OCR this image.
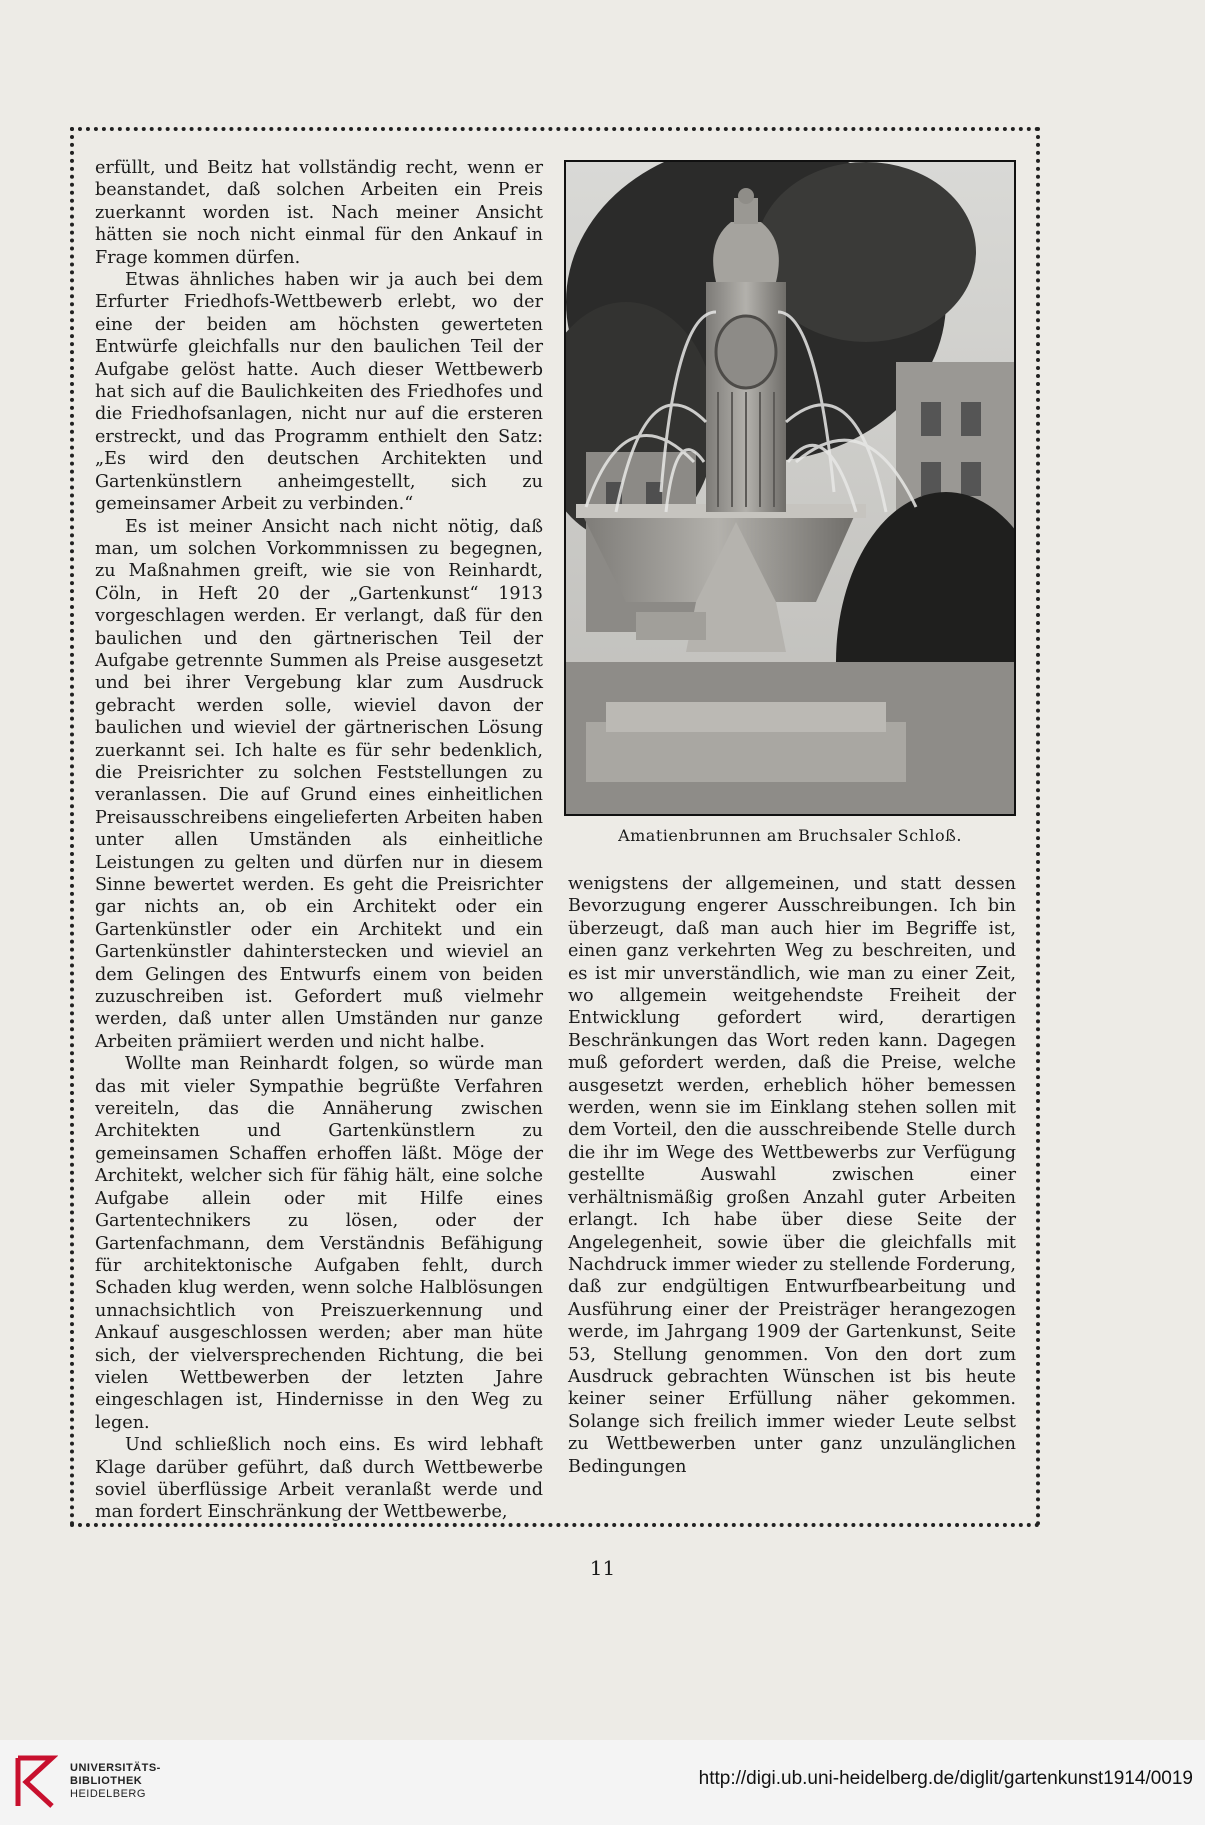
erfüllt, und Beitz hat vollständig recht, wenn er beanstandet, daß solchen Arbeiten ein Preis zuerkannt worden ist. Nach meiner Ansicht hätten sie noch nicht einmal für den Ankauf in Frage kommen dürfen.

Etwas ähnliches haben wir ja auch bei dem Erfurter Friedhofs-Wettbewerb erlebt, wo der eine der beiden am höchsten gewerteten Entwürfe gleichfalls nur den baulichen Teil der Aufgabe gelöst hatte. Auch dieser Wettbewerb hat sich auf die Baulichkeiten des Friedhofes und die Friedhofsanlagen, nicht nur auf die ersteren erstreckt, und das Programm enthielt den Satz: „Es wird den deutschen Architekten und Gartenkünstlern anheimgestellt, sich zu gemeinsamer Arbeit zu verbinden.“

Es ist meiner Ansicht nach nicht nötig, daß man, um solchen Vorkommnissen zu begegnen, zu Maßnahmen greift, wie sie von Reinhardt, Cöln, in Heft 20 der „Gartenkunst“ 1913 vorgeschlagen werden. Er verlangt, daß für den baulichen und den gärtnerischen Teil der Aufgabe getrennte Summen als Preise ausgesetzt und bei ihrer Vergebung klar zum Ausdruck gebracht werden solle, wieviel davon der baulichen und wieviel der gärtnerischen Lösung zuerkannt sei. Ich halte es für sehr bedenklich, die Preisrichter zu solchen Feststellungen zu veranlassen. Die auf Grund eines einheitlichen Preisausschreibens eingelieferten Arbeiten haben unter allen Umständen als einheitliche Leistungen zu gelten und dürfen nur in diesem Sinne bewertet werden. Es geht die Preisrichter gar nichts an, ob ein Architekt oder ein Gartenkünstler oder ein Architekt und ein Gartenkünstler dahinterstecken und wieviel an dem Gelingen des Entwurfs einem von beiden zuzuschreiben ist. Gefordert muß vielmehr werden, daß unter allen Umständen nur ganze Arbeiten prämiiert werden und nicht halbe.

Wollte man Reinhardt folgen, so würde man das mit vieler Sympathie begrüßte Verfahren vereiteln, das die Annäherung zwischen Architekten und Gartenkünstlern zu gemeinsamen Schaffen erhoffen läßt. Möge der Architekt, welcher sich für fähig hält, eine solche Aufgabe allein oder mit Hilfe eines Gartentechnikers zu lösen, oder der Gartenfachmann, dem Verständnis Befähigung für architektonische Aufgaben fehlt, durch Schaden klug werden, wenn solche Halblösungen unnachsichtlich von Preiszuerkennung und Ankauf ausgeschlossen werden; aber man hüte sich, der vielversprechenden Richtung, die bei vielen Wettbewerben der letzten Jahre eingeschlagen ist, Hindernisse in den Weg zu legen.

Und schließlich noch eins. Es wird lebhaft Klage darüber geführt, daß durch Wettbewerbe soviel überflüssige Arbeit veranlaßt werde und man fordert Einschränkung der Wettbewerbe,

Amatienbrunnen am Bruchsaler Schloß.

wenigstens der allgemeinen, und statt dessen Bevorzugung engerer Ausschreibungen. Ich bin überzeugt, daß man auch hier im Begriffe ist, einen ganz verkehrten Weg zu beschreiten, und es ist mir unverständlich, wie man zu einer Zeit, wo allgemein weitgehendste Freiheit der Entwicklung gefordert wird, derartigen Beschränkungen das Wort reden kann. Dagegen muß gefordert werden, daß die Preise, welche ausgesetzt werden, erheblich höher bemessen werden, wenn sie im Einklang stehen sollen mit dem Vorteil, den die ausschreibende Stelle durch die ihr im Wege des Wettbewerbs zur Verfügung gestellte Auswahl zwischen einer verhältnismäßig großen Anzahl guter Arbeiten erlangt. Ich habe über diese Seite der Angelegenheit, sowie über die gleichfalls mit Nachdruck immer wieder zu stellende Forderung, daß zur endgültigen Entwurfbearbeitung und Ausführung einer der Preisträger herangezogen werde, im Jahrgang 1909 der Gartenkunst, Seite 53, Stellung genommen. Von den dort zum Ausdruck gebrachten Wünschen ist bis heute keiner seiner Erfüllung näher gekommen. Solange sich freilich immer wieder Leute selbst zu Wettbewerben unter ganz unzulänglichen Bedingungen

11
UNIVERSITÄTS-
BIBLIOTHEK
HEIDELBERG
http://digi.ub.uni-heidelberg.de/diglit/gartenkunst1914/0019
